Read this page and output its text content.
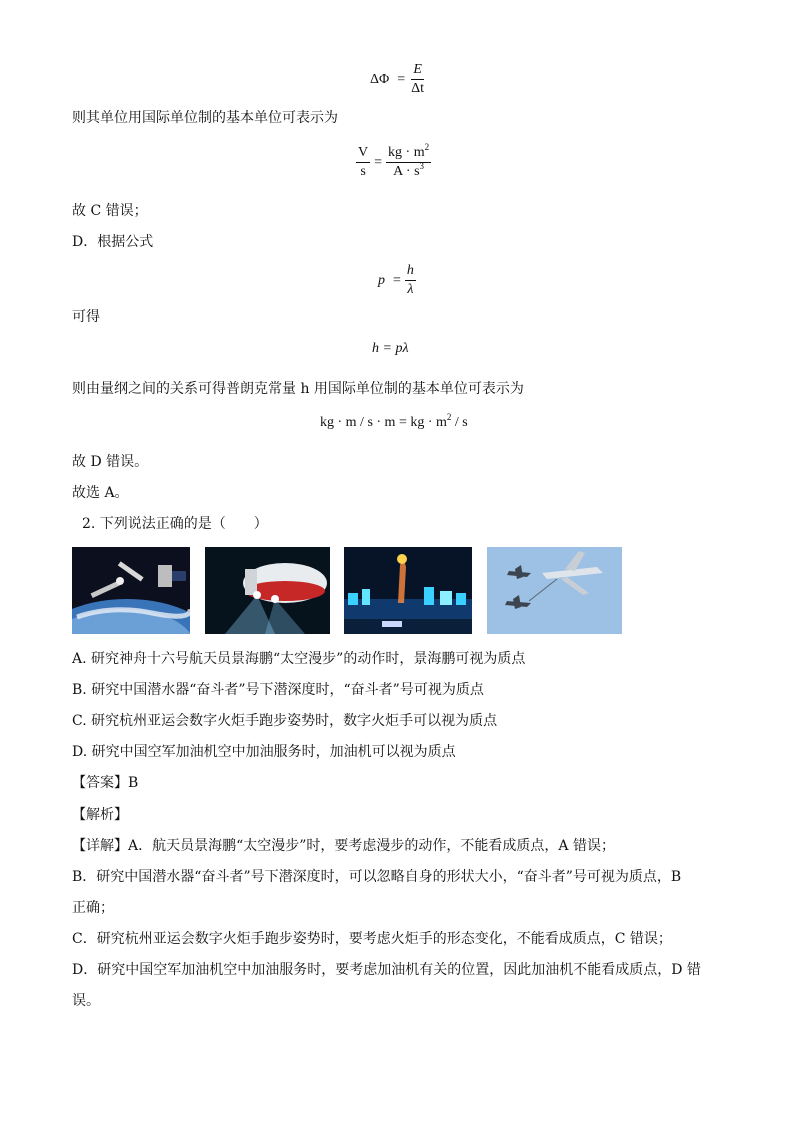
$\Delta\Phi = \frac{E}{\Delta t}$
则其单位用国际单位制的基本单位可表示为
$\frac{V}{s} = \frac{kg \cdot m^2}{A \cdot s^3}$
故 C 错误；
D．根据公式
$p = \frac{h}{\lambda}$
可得
h = pλ
则由量纲之间的关系可得普朗克常量 h 用国际单位制的基本单位可表示为
kg · m / s · m = kg · $m^2$ / s
故 D 错误。
故选 A。
2. 下列说法正确的是（　　）
A. 研究神舟十六号航天员景海鹏“太空漫步”的动作时，景海鹏可视为质点
B. 研究中国潜水器“奋斗者”号下潜深度时，“奋斗者”号可视为质点
C. 研究杭州亚运会数字火炬手跑步姿势时，数字火炬手可以视为质点
D. 研究中国空军加油机空中加油服务时，加油机可以视为质点
【答案】B
【解析】
【详解】A．航天员景海鹏“太空漫步”时，要考虑漫步的动作，不能看成质点，A 错误；
B．研究中国潜水器“奋斗者”号下潜深度时，可以忽略自身的形状大小，“奋斗者”号可视为质点，B
正确；
C．研究杭州亚运会数字火炬手跑步姿势时，要考虑火炬手的形态变化，不能看成质点，C 错误；
D．研究中国空军加油机空中加油服务时，要考虑加油机有关的位置，因此加油机不能看成质点，D 错
误。
